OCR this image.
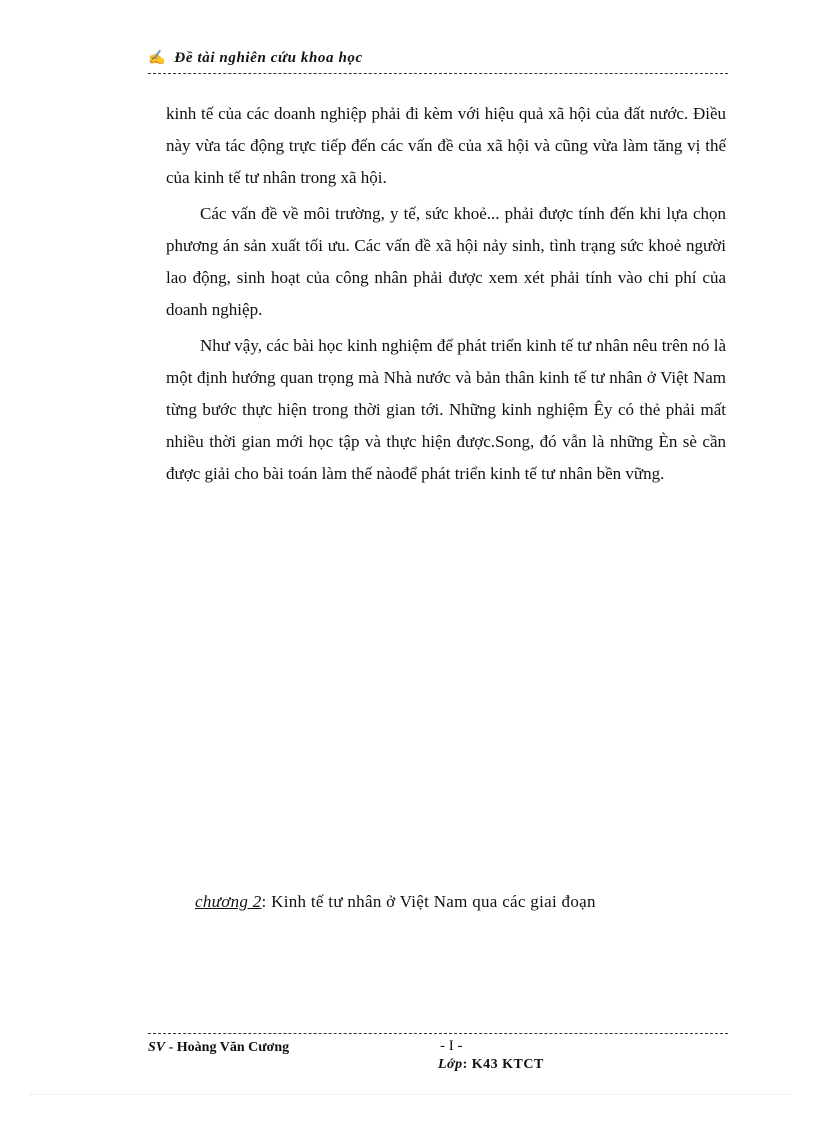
✍ Đề tài nghiên cứu khoa học

kinh tế của các doanh nghiệp phải đi kèm với hiệu quả xã hội của đất nước. Điều này vừa tác động trực tiếp đến các vấn đề của xã hội và cũng vừa làm tăng vị thế của kinh tế tư nhân trong xã hội.

Các vấn đề về môi trường, y tế, sức khoẻ... phải được tính đến khi lựa chọn phương án sản xuất tối ưu. Các vấn đề xã hội nảy sinh, tình trạng sức khoẻ người lao động, sinh hoạt của công nhân phải được xem xét phải tính vào chi phí của doanh nghiệp.

Như vậy, các bài học kinh nghiệm để phát triển kinh tế tư nhân nêu trên nó là một định hướng quan trọng mà Nhà nước và bản thân kinh tế tư nhân ở Việt Nam từng bước thực hiện trong thời gian tới. Những kinh nghiệm Êy có thẻ phải mất nhiều thời gian mới học tập và thực hiện được.Song, đó vẫn là những Èn sè cần được giải cho bài toán làm thế nàođể phát triển kinh tế tư nhân bền vững.

chương 2: Kinh tế tư nhân ở Việt Nam qua các giai đoạn
SV - Hoàng Văn Cương	- I -
Lớp: K43 KTCT
